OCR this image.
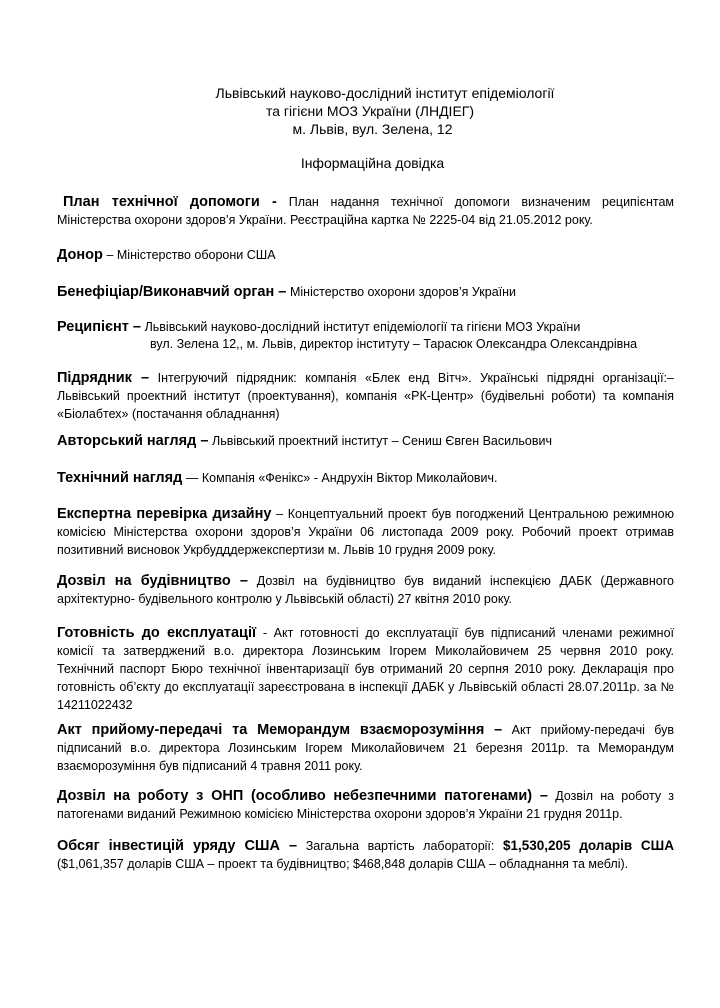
Львівський науково-дослідний інститут епідеміології
та гігієни МОЗ України (ЛНДІЕГ)
м. Львів, вул. Зелена, 12
Інформаційна довідка
План технічної допомоги - План надання технічної допомоги визначеним реципієнтам Міністерства охорони здоров’я України. Реєстраційна картка № 2225-04 від 21.05.2012 року.
Донор – Міністерство оборони США
Бенефіціар/Виконавчий орган – Міністерство охорони здоров’я України
Реципієнт – Львівський науково-дослідний інститут епідеміології та гігієни МОЗ України
вул. Зелена 12,, м. Львів, директор інституту – Тарасюк Олександра Олександрівна
Підрядник – Інтегруючий підрядник: компанія «Блек енд Вітч». Українські підрядні організації:– Львівський проектний інститут (проектування), компанія «РК-Центр» (будівельні роботи) та компанія «Біолабтех» (постачання обладнання)
Авторський нагляд – Львівський проектний інститут – Сениш Євген Васильович
Технічний нагляд — Компанія «Фенікс» - Андрухін Віктор Миколайович.
Експертна перевірка дизайну – Концептуальний проект був погоджений Центральною режимною комісією Міністерства охорони здоров’я України 06 листопада 2009 року. Робочий проект отримав позитивний висновок Укрбудддержекспертизи м. Львів 10 грудня 2009 року.
Дозвіл на будівництво – Дозвіл на будівництво був виданий інспекцією ДАБК (Державного архітектурно- будівельного контролю у Львівській області) 27 квітня 2010 року.
Готовність до експлуатації - Акт готовності до експлуатації був підписаний членами режимної комісії та затверджений в.о. директора Лозинським Ігорем Миколайовичем 25 червня 2010 року. Технічний паспорт Бюро технічної інвентаризації був отриманий 20 серпня 2010 року. Декларація про готовність об’єкту до експлуатації зареєстрована в інспекції ДАБК у Львівській області 28.07.2011р. за № 14211022432
Акт прийому-передачі та Меморандум взаєморозуміння – Акт прийому-передачі був підписаний в.о. директора Лозинським Ігорем Миколайовичем 21 березня 2011р. та Меморандум взаєморозуміння був підписаний 4 травня 2011 року.
Дозвіл на роботу з ОНП (особливо небезпечними патогенами) – Дозвіл на роботу з патогенами виданий Режимною комісією Міністерства охорони здоров’я України 21 грудня 2011р.
Обсяг інвестицій уряду США – Загальна вартість лабораторії: $1,530,205 доларів США ($1,061,357 доларів США – проект та будівництво; $468,848 доларів США – обладнання та меблі).
